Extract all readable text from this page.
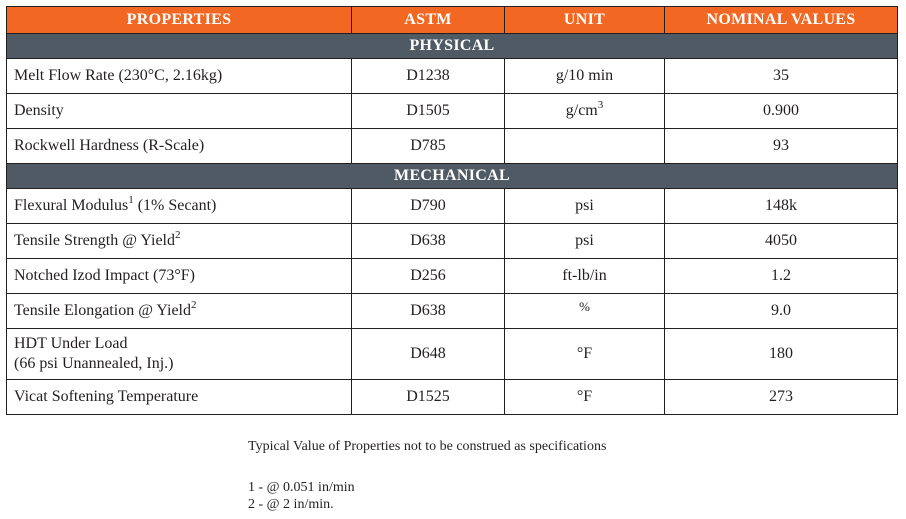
PROPERTIES	ASTM	UNIT	NOMINAL VALUES
PHYSICAL			
Melt Flow Rate (230°C, 2.16kg)	D1238	g/10 min	35
Density	D1505	$g/cm^3$	0.900
Rockwell Hardness (R-Scale)	D785		93
MECHANICAL			
Flexural Modulus$^1$ (1% Secant)	D790	psi	148k
Tensile Strength @ Yield$^2$	D638	psi	4050
Notched Izod Impact (73°F)	D256	ft-lb/in	1.2
Tensile Elongation @ Yield$^2$	D638	%	9.0
HDT Under Load
(66 psi Unannealed, Inj.)	D648	°F	180
Vicat Softening Temperature	D1525	°F	273
Typical Value of Properties not to be construed as specifications
1 - @ 0.051 in/min
2 - @ 2 in/min.
